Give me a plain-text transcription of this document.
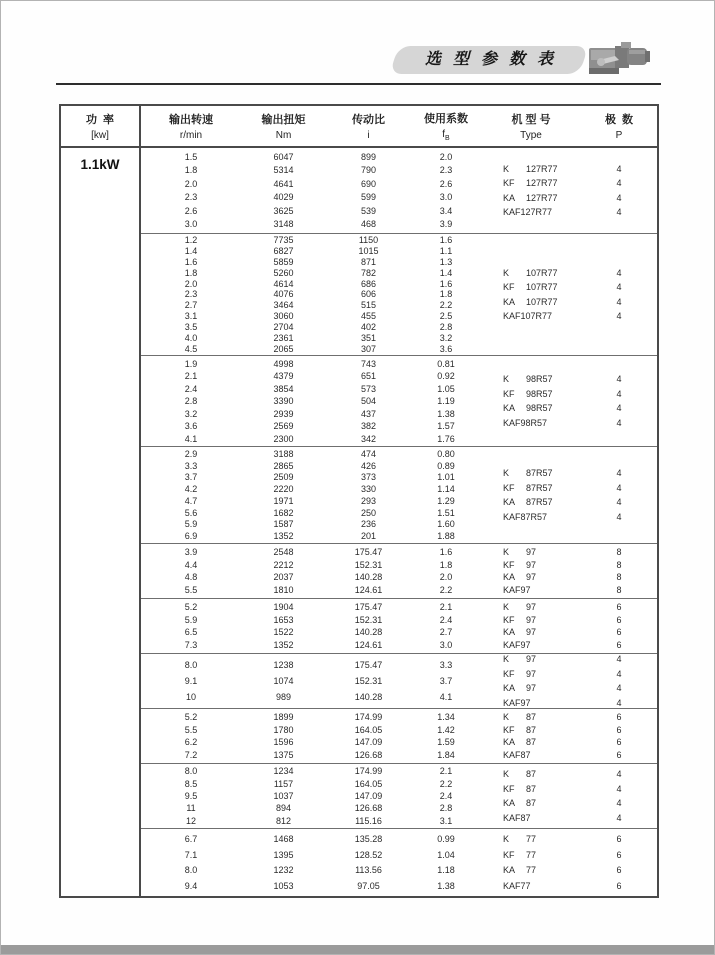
选 型 参 数 表
功  率
[kw]
输出转速
r/min
输出扭矩
Nm
传动比
i
使用系数
$f_B$
机 型 号
Type
极  数
P
1.1kW
1.5
1.8
2.0
2.3
2.6
3.0
6047
5314
4641
4029
3625
3148
899
790
690
599
539
468
2.0
2.3
2.6
3.0
3.4
3.9
K 127R77
KF 127R77
KA 127R77
KAF127R77
4
4
4
4
1.2
1.4
1.6
1.8
2.0
2.3
2.7
3.1
3.5
4.0
4.5
7735
6827
5859
5260
4614
4076
3464
3060
2704
2361
2065
1150
1015
871
782
686
606
515
455
402
351
307
1.6
1.1
1.3
1.4
1.6
1.8
2.2
2.5
2.8
3.2
3.6
K 107R77
KF 107R77
KA 107R77
KAF107R77
4
4
4
4
1.9
2.1
2.4
2.8
3.2
3.6
4.1
4998
4379
3854
3390
2939
2569
2300
743
651
573
504
437
382
342
0.81
0.92
1.05
1.19
1.38
1.57
1.76
K 98R57
KF 98R57
KA 98R57
KAF98R57
4
4
4
4
2.9
3.3
3.7
4.2
4.7
5.6
5.9
6.9
3188
2865
2509
2220
1971
1682
1587
1352
474
426
373
330
293
250
236
201
0.80
0.89
1.01
1.14
1.29
1.51
1.60
1.88
K 87R57
KF 87R57
KA 87R57
KAF87R57
4
4
4
4
3.9
4.4
4.8
5.5
2548
2212
2037
1810
175.47
152.31
140.28
124.61
1.6
1.8
2.0
2.2
K 97
KF 97
KA 97
KAF97
8
8
8
8
5.2
5.9
6.5
7.3
1904
1653
1522
1352
175.47
152.31
140.28
124.61
2.1
2.4
2.7
3.0
K 97
KF 97
KA 97
KAF97
6
6
6
6
8.0
9.1
10
1238
1074
989
175.47
152.31
140.28
3.3
3.7
4.1
K 97
KF 97
KA 97
KAF97
4
4
4
4
5.2
5.5
6.2
7.2
1899
1780
1596
1375
174.99
164.05
147.09
126.68
1.34
1.42
1.59
1.84
K 87
KF 87
KA 87
KAF87
6
6
6
6
8.0
8.5
9.5
11
12
1234
1157
1037
894
812
174.99
164.05
147.09
126.68
115.16
2.1
2.2
2.4
2.8
3.1
K 87
KF 87
KA 87
KAF87
4
4
4
4
6.7
7.1
8.0
9.4
1468
1395
1232
1053
135.28
128.52
113.56
97.05
0.99
1.04
1.18
1.38
K 77
KF 77
KA 77
KAF77
6
6
6
6
